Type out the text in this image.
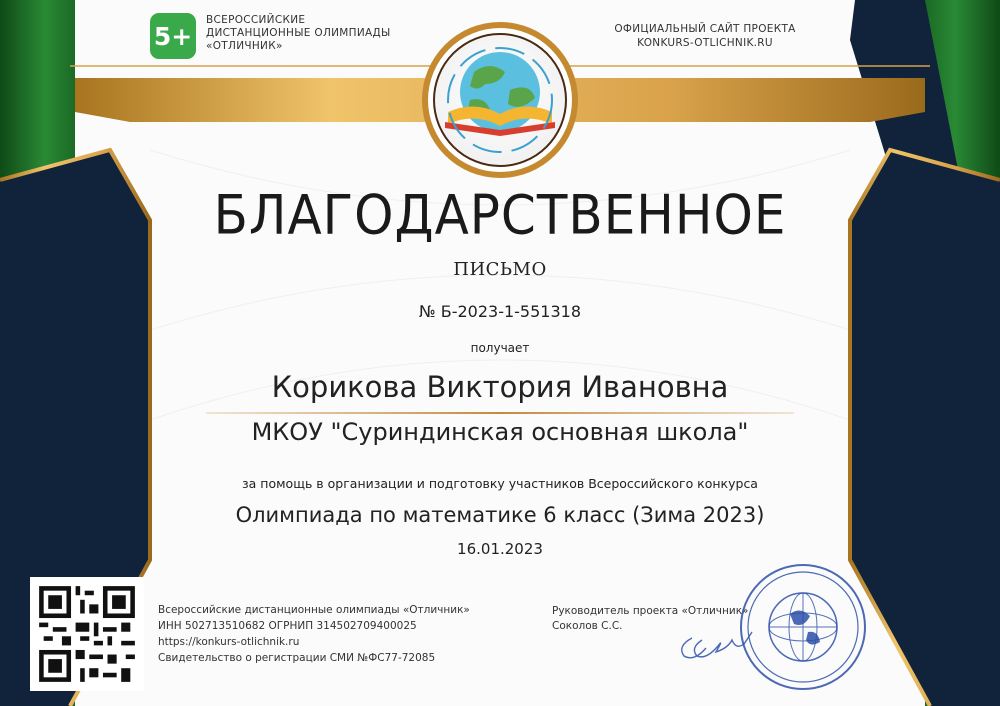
5+
ВСЕРОССИЙСКИЕ
ДИСТАНЦИОННЫЕ ОЛИМПИАДЫ
«ОТЛИЧНИК»
ОФИЦИАЛЬНЫЙ САЙТ ПРОЕКТА
KONKURS-OTLICHNIK.RU
БЛАГОДАРСТВЕННОЕ
ПИСЬМО
№ Б-2023-1-551318
получает
Корикова Виктория Ивановна
МКОУ "Суриндинская основная школа"
за помощь в организации и подготовку участников Всероссийского конкурса
Олимпиада по математике 6 класс (Зима 2023)
16.01.2023
Всероссийские дистанционные олимпиады «Отличник»
ИНН 502713510682 ОГРНИП 314502709400025
https://konkurs-otlichnik.ru
Свидетельство о регистрации СМИ №ФС77-72085
Руководитель проекта «Отличник»
Соколов С.С.
